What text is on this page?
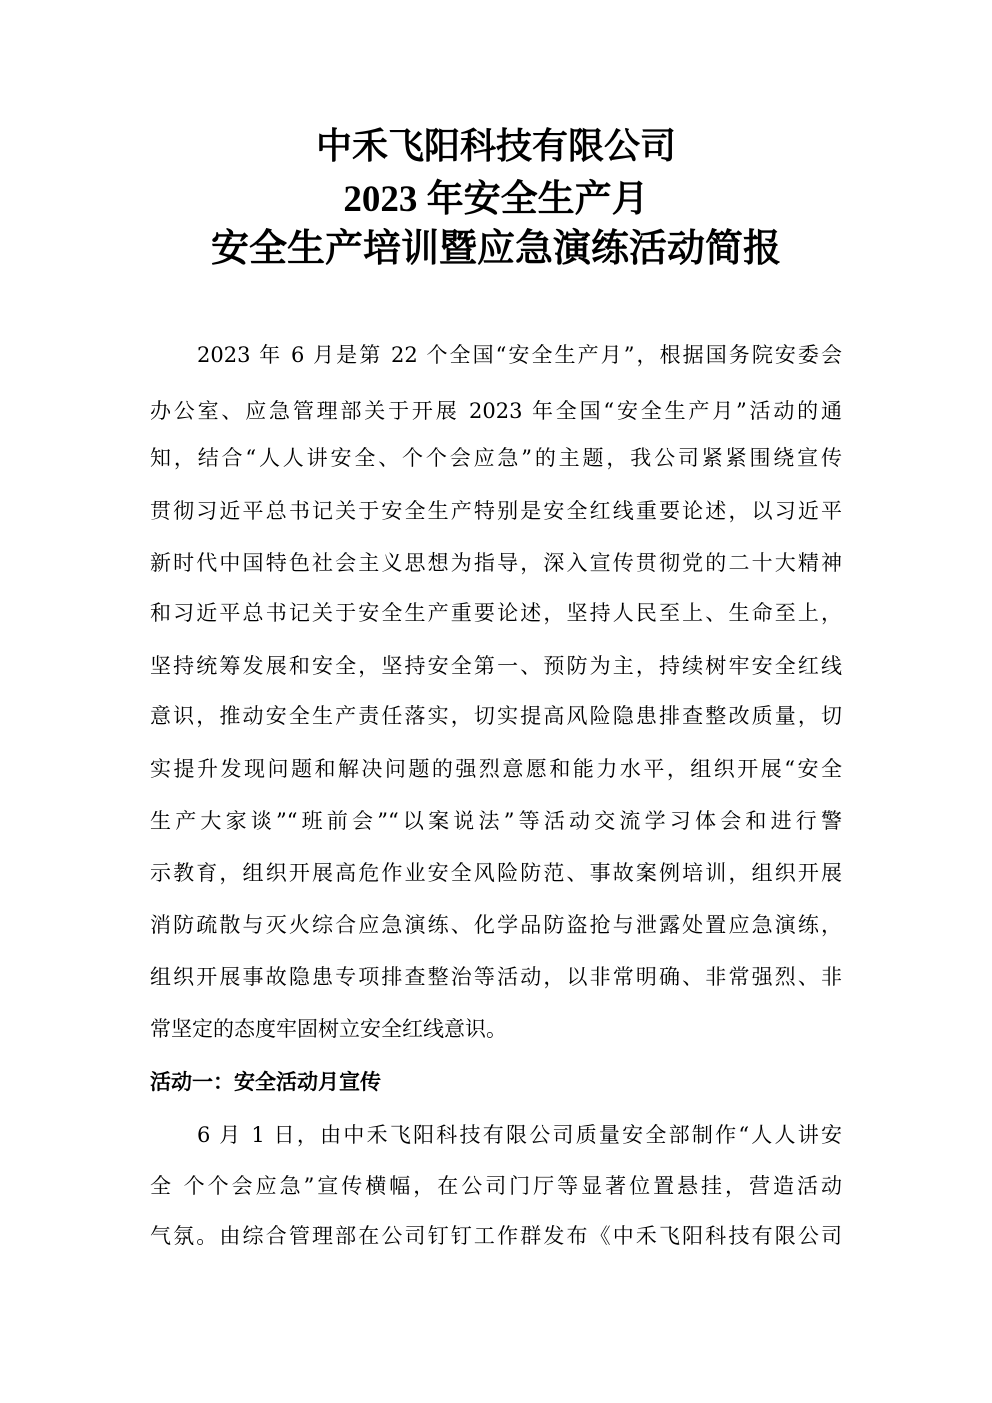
中禾飞阳科技有限公司
2023 年安全生产月
安全生产培训暨应急演练活动简报
2023 年 6 月是第 22 个全国“安全生产月”，根据国务院安委会
办公室、应急管理部关于开展 2023 年全国“安全生产月”活动的通
知，结合“人人讲安全、个个会应急”的主题，我公司紧紧围绕宣传
贯彻习近平总书记关于安全生产特别是安全红线重要论述，以习近平
新时代中国特色社会主义思想为指导，深入宣传贯彻党的二十大精神
和习近平总书记关于安全生产重要论述，坚持人民至上、生命至上，
坚持统筹发展和安全，坚持安全第一、预防为主，持续树牢安全红线
意识，推动安全生产责任落实，切实提高风险隐患排查整改质量，切
实提升发现问题和解决问题的强烈意愿和能力水平，组织开展“安全
生产大家谈”“班前会”“以案说法”等活动交流学习体会和进行警
示教育，组织开展高危作业安全风险防范、事故案例培训，组织开展
消防疏散与灭火综合应急演练、化学品防盗抢与泄露处置应急演练，
组织开展事故隐患专项排查整治等活动，以非常明确、非常强烈、非
常坚定的态度牢固树立安全红线意识。
活动一：安全活动月宣传
6 月 1 日，由中禾飞阳科技有限公司质量安全部制作“人人讲安
全 个个会应急”宣传横幅，在公司门厅等显著位置悬挂，营造活动
气氛。由综合管理部在公司钉钉工作群发布《中禾飞阳科技有限公司
